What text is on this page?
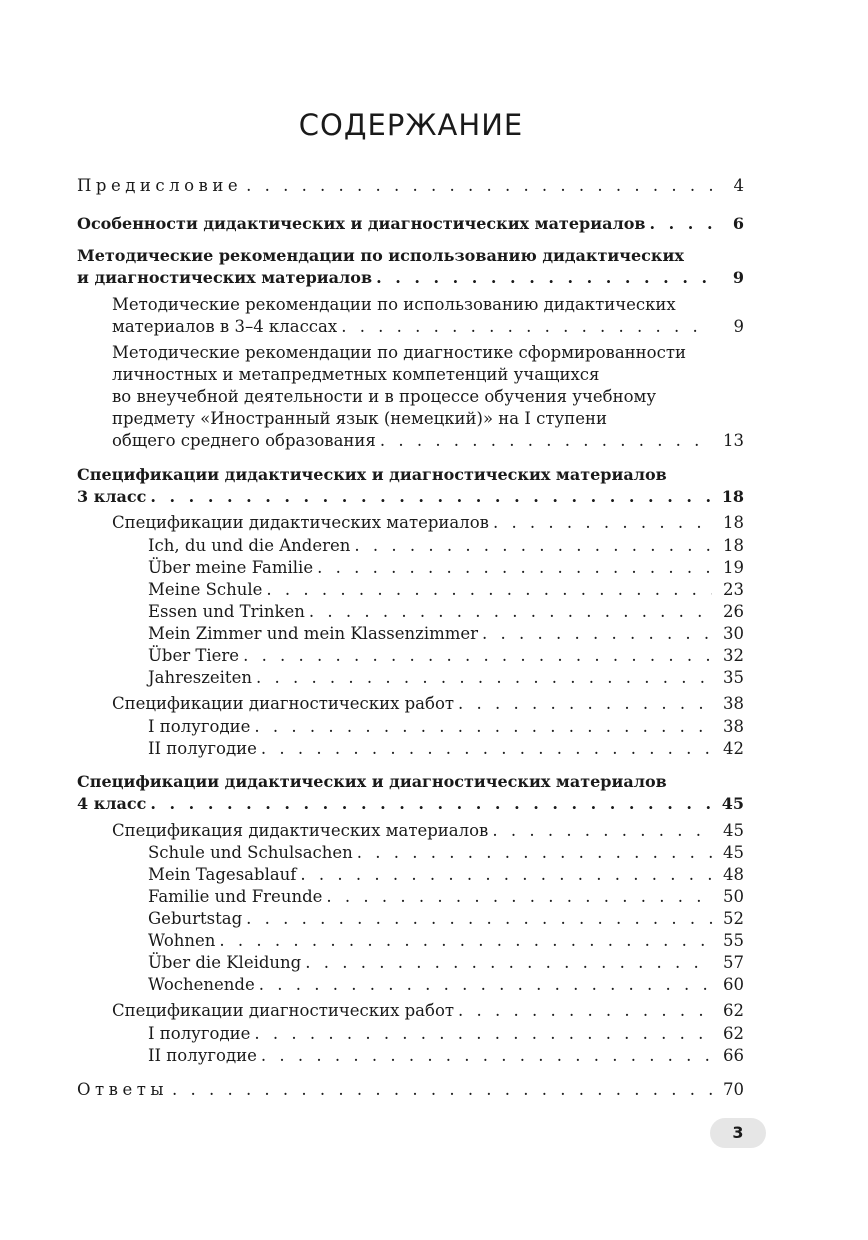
СОДЕРЖАНИЕ
Предисловие . . .	4
Особенности дидактических и диагностических материалов . . .	6
Методические рекомендации по использованию дидактических
и диагностических материалов . . .	9
Методические рекомендации по использованию дидактических
материалов в 3–4 классах . . .	9
Методические рекомендации по диагностике сформированности
личностных и метапредметных компетенций учащихся
во внеучебной деятельности и в процессе обучения учебному
предмету «Иностранный язык (немецкий)» на I ступени
общего среднего образования . . .	13
Спецификации дидактических и диагностических материалов
3 класс . . .	18
Спецификации дидактических материалов . . .	18
Ich, du und die Anderen . . .	18
Über meine Familie . . .	19
Meine Schule . . .	23
Essen und Trinken . . .	26
Mein Zimmer und mein Klassenzimmer . . .	30
Über Tiere . . .	32
Jahreszeiten . . .	35
Спецификации диагностических работ . . .	38
I полугодие . . .	38
II полугодие . . .	42
Спецификации дидактических и диагностических материалов
4 класс . . .	45
Спецификация дидактических материалов . . .	45
Schule und Schulsachen . . .	45
Mein Tagesablauf . . .	48
Familie und Freunde . . .	50
Geburtstag . . .	52
Wohnen . . .	55
Über die Kleidung . . .	57
Wochenende . . .	60
Спецификации диагностических работ . . .	62
I полугодие . . .	62
II полугодие . . .	66
Ответы . . .	70
3
